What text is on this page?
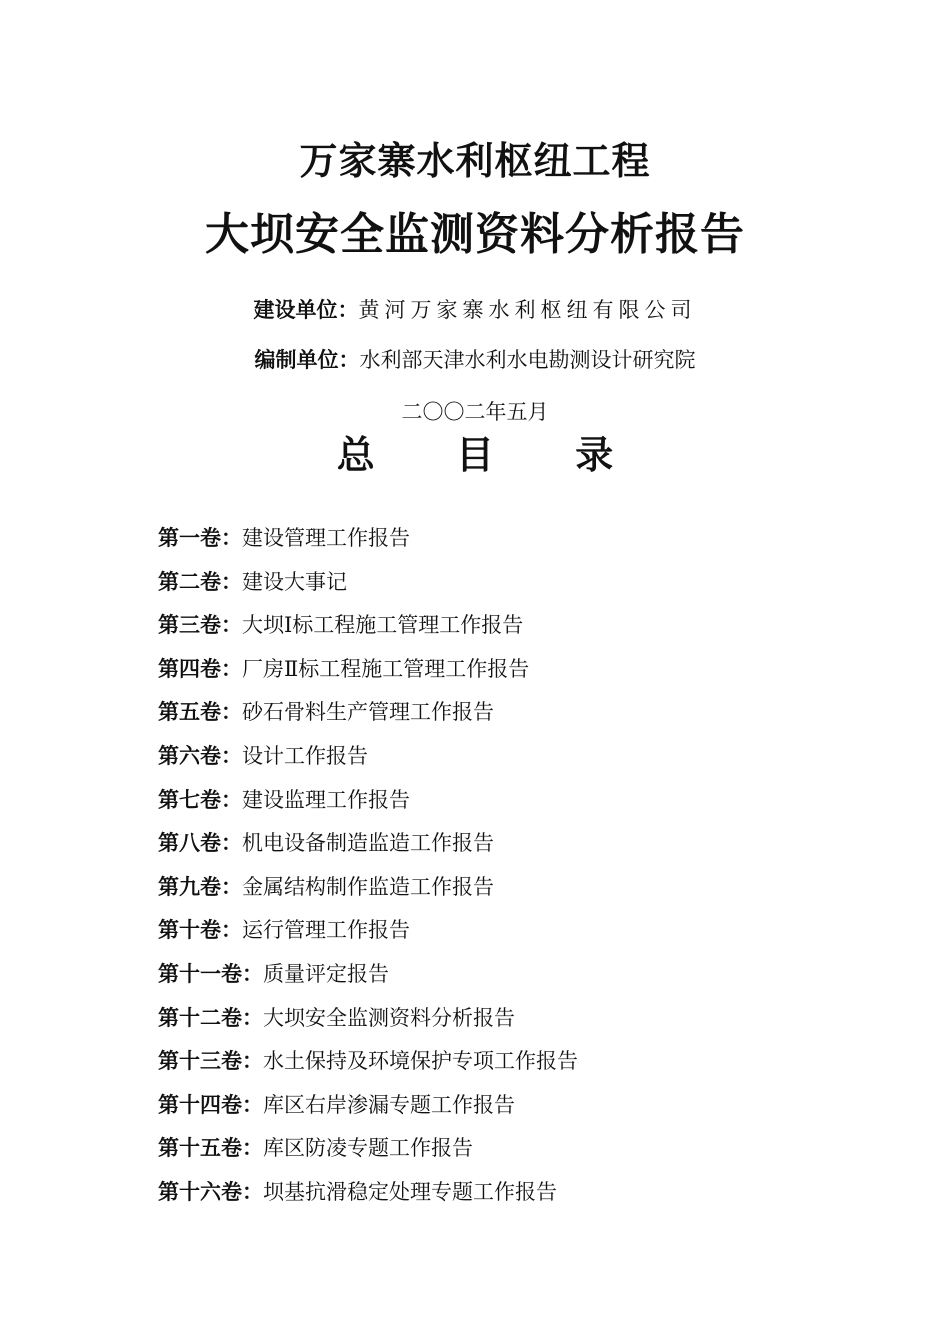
万家寨水利枢纽工程
大坝安全监测资料分析报告
建设单位：黄河万家寨水利枢纽有限公司
编制单位：水利部天津水利水电勘测设计研究院
二〇〇二年五月
总 目 录
第一卷：建设管理工作报告
第二卷：建设大事记
第三卷：大坝Ⅰ标工程施工管理工作报告
第四卷：厂房Ⅱ标工程施工管理工作报告
第五卷：砂石骨料生产管理工作报告
第六卷：设计工作报告
第七卷：建设监理工作报告
第八卷：机电设备制造监造工作报告
第九卷：金属结构制作监造工作报告
第十卷：运行管理工作报告
第十一卷：质量评定报告
第十二卷：大坝安全监测资料分析报告
第十三卷：水土保持及环境保护专项工作报告
第十四卷：库区右岸渗漏专题工作报告
第十五卷：库区防凌专题工作报告
第十六卷：坝基抗滑稳定处理专题工作报告
